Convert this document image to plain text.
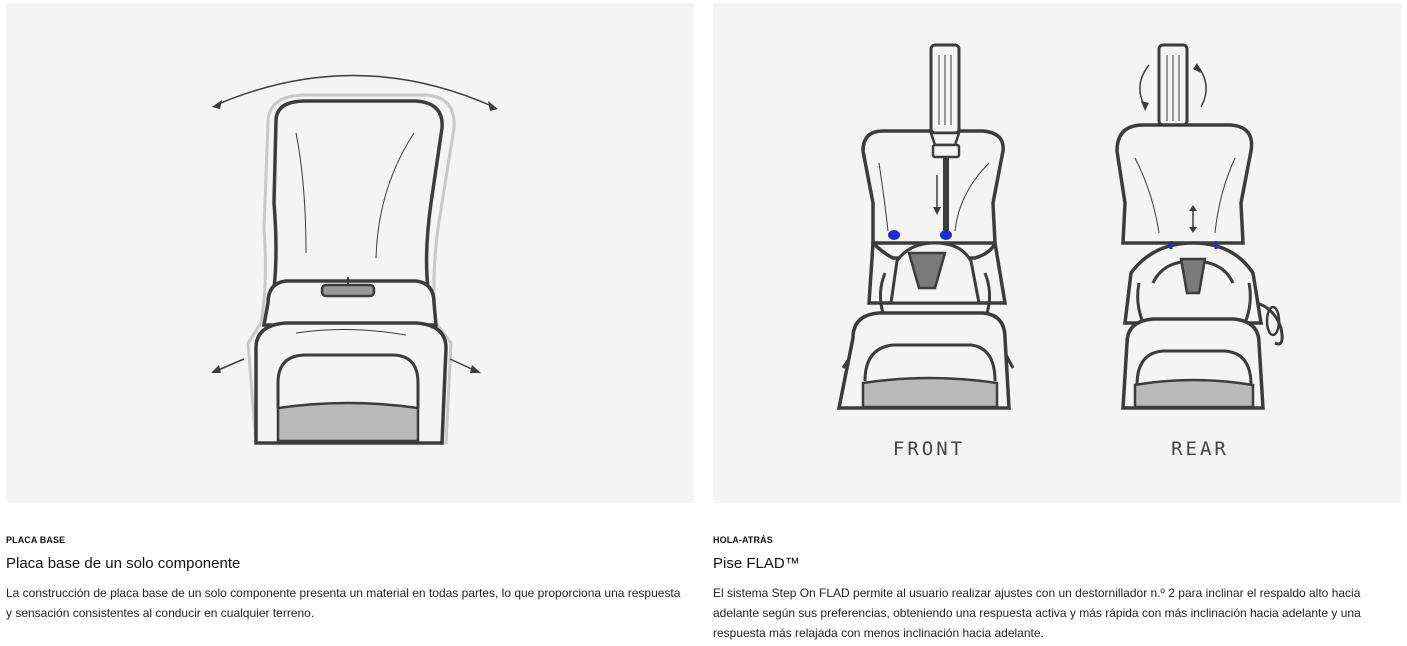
PLACA BASE
Placa base de un solo componente
La construcción de placa base de un solo componente presenta un material en todas partes, lo que proporciona una respuesta y sensación consistentes al conducir en cualquier terreno.
FRONT	REAR
HOLA-ATRÁS
Pise FLAD™
El sistema Step On FLAD permite al usuario realizar ajustes con un destornillador n.º 2 para inclinar el respaldo alto hacia adelante según sus preferencias, obteniendo una respuesta activa y más rápida con más inclinación hacia adelante y una respuesta más relajada con menos inclinación hacia adelante.
